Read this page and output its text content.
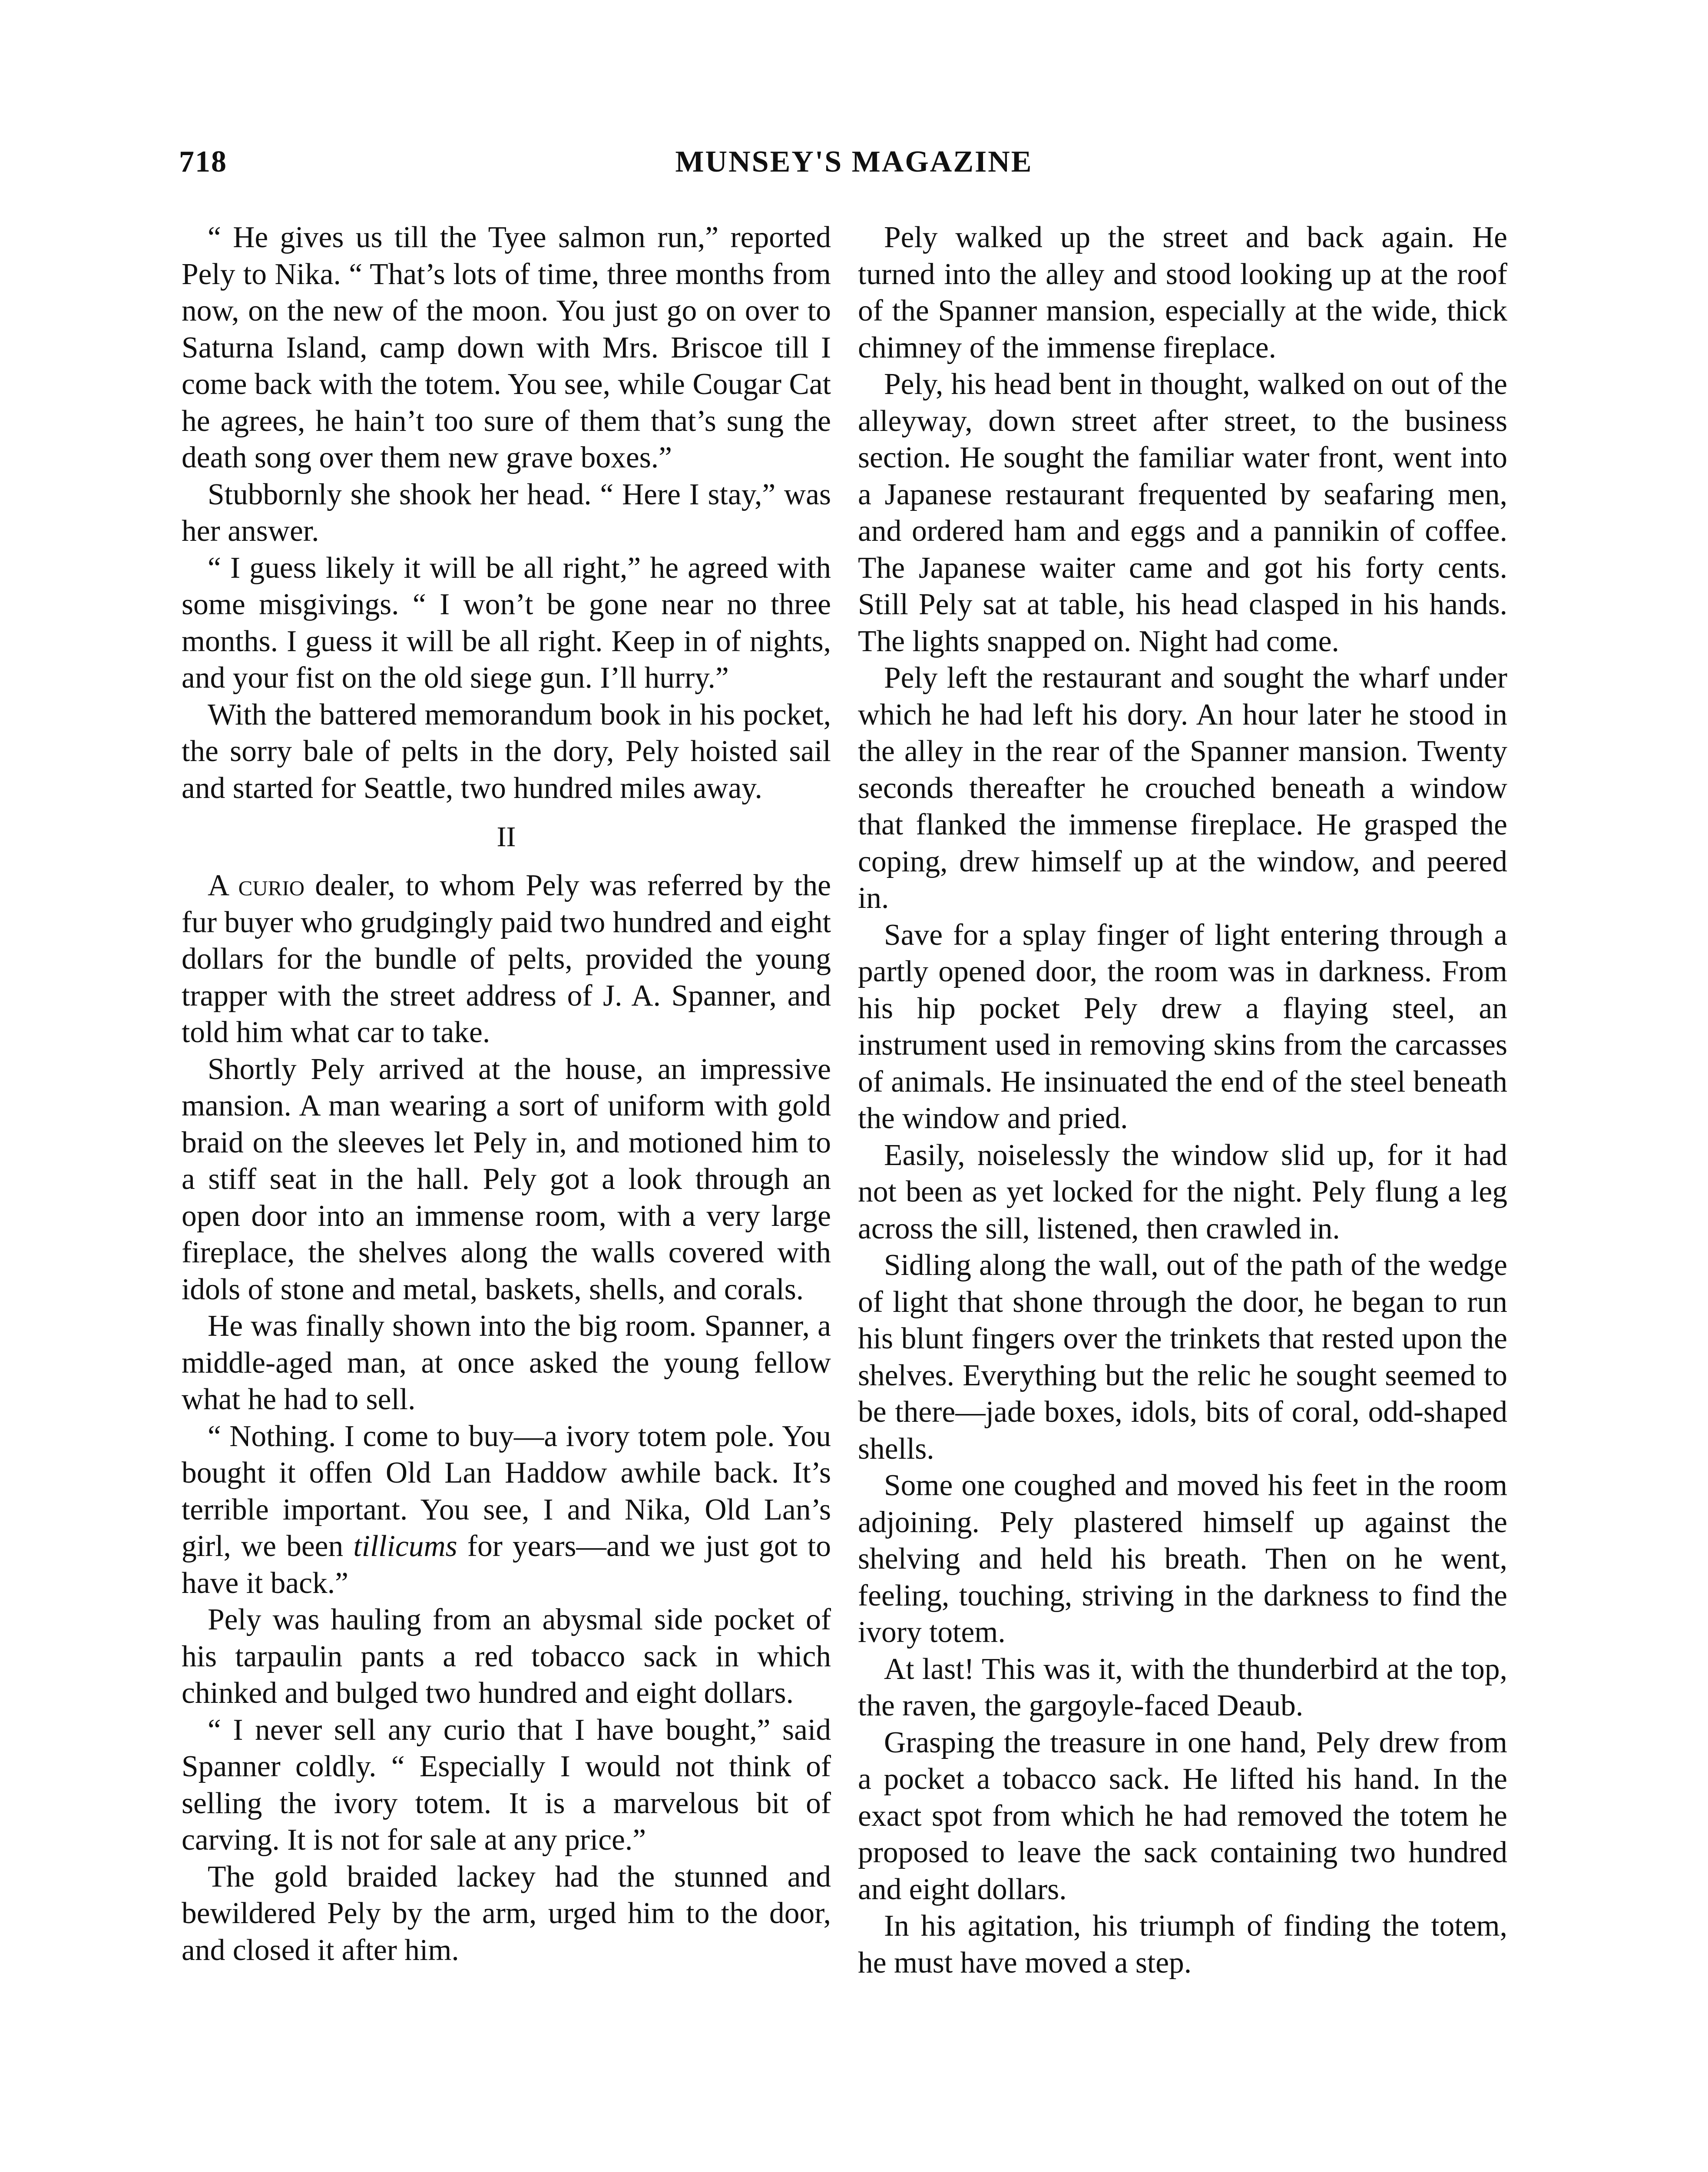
718	MUNSEY'S MAGAZINE

“ He gives us till the Tyee salmon run,” reported Pely to Nika. “ That’s lots of time, three months from now, on the new of the moon. You just go on over to Saturna Island, camp down with Mrs. Briscoe till I come back with the totem. You see, while Cougar Cat he agrees, he hain’t too sure of them that’s sung the death song over them new grave boxes.”

Stubbornly she shook her head. “ Here I stay,” was her answer.

“ I guess likely it will be all right,” he agreed with some misgivings. “ I won’t be gone near no three months. I guess it will be all right. Keep in of nights, and your fist on the old siege gun. I’ll hurry.”

With the battered memorandum book in his pocket, the sorry bale of pelts in the dory, Pely hoisted sail and started for Seattle, two hundred miles away.

II

A curio dealer, to whom Pely was referred by the fur buyer who grudgingly paid two hundred and eight dollars for the bundle of pelts, provided the young trapper with the street address of J. A. Spanner, and told him what car to take.

Shortly Pely arrived at the house, an impressive mansion. A man wearing a sort of uniform with gold braid on the sleeves let Pely in, and motioned him to a stiff seat in the hall. Pely got a look through an open door into an immense room, with a very large fireplace, the shelves along the walls covered with idols of stone and metal, baskets, shells, and corals.

He was finally shown into the big room. Spanner, a middle-aged man, at once asked the young fellow what he had to sell.

“ Nothing. I come to buy—a ivory totem pole. You bought it offen Old Lan Haddow awhile back. It’s terrible important. You see, I and Nika, Old Lan’s girl, we been tillicums for years—and we just got to have it back.”

Pely was hauling from an abysmal side pocket of his tarpaulin pants a red tobacco sack in which chinked and bulged two hundred and eight dollars.

“ I never sell any curio that I have bought,” said Spanner coldly. “ Especially I would not think of selling the ivory totem. It is a marvelous bit of carving. It is not for sale at any price.”

The gold braided lackey had the stunned and bewildered Pely by the arm, urged him to the door, and closed it after him.

Pely walked up the street and back again. He turned into the alley and stood looking up at the roof of the Spanner mansion, especially at the wide, thick chimney of the immense fireplace.

Pely, his head bent in thought, walked on out of the alleyway, down street after street, to the business section. He sought the familiar water front, went into a Japanese restaurant frequented by seafaring men, and ordered ham and eggs and a pannikin of coffee. The Japanese waiter came and got his forty cents. Still Pely sat at table, his head clasped in his hands. The lights snapped on. Night had come.

Pely left the restaurant and sought the wharf under which he had left his dory. An hour later he stood in the alley in the rear of the Spanner mansion. Twenty seconds thereafter he crouched beneath a window that flanked the immense fireplace. He grasped the coping, drew himself up at the window, and peered in.

Save for a splay finger of light entering through a partly opened door, the room was in darkness. From his hip pocket Pely drew a flaying steel, an instrument used in removing skins from the carcasses of animals. He insinuated the end of the steel beneath the window and pried.

Easily, noiselessly the window slid up, for it had not been as yet locked for the night. Pely flung a leg across the sill, listened, then crawled in.

Sidling along the wall, out of the path of the wedge of light that shone through the door, he began to run his blunt fingers over the trinkets that rested upon the shelves. Everything but the relic he sought seemed to be there—jade boxes, idols, bits of coral, odd-shaped shells.

Some one coughed and moved his feet in the room adjoining. Pely plastered himself up against the shelving and held his breath. Then on he went, feeling, touching, striving in the darkness to find the ivory totem.

At last! This was it, with the thunderbird at the top, the raven, the gargoyle-faced Deaub.

Grasping the treasure in one hand, Pely drew from a pocket a tobacco sack. He lifted his hand. In the exact spot from which he had removed the totem he proposed to leave the sack containing two hundred and eight dollars.

In his agitation, his triumph of finding the totem, he must have moved a step.
